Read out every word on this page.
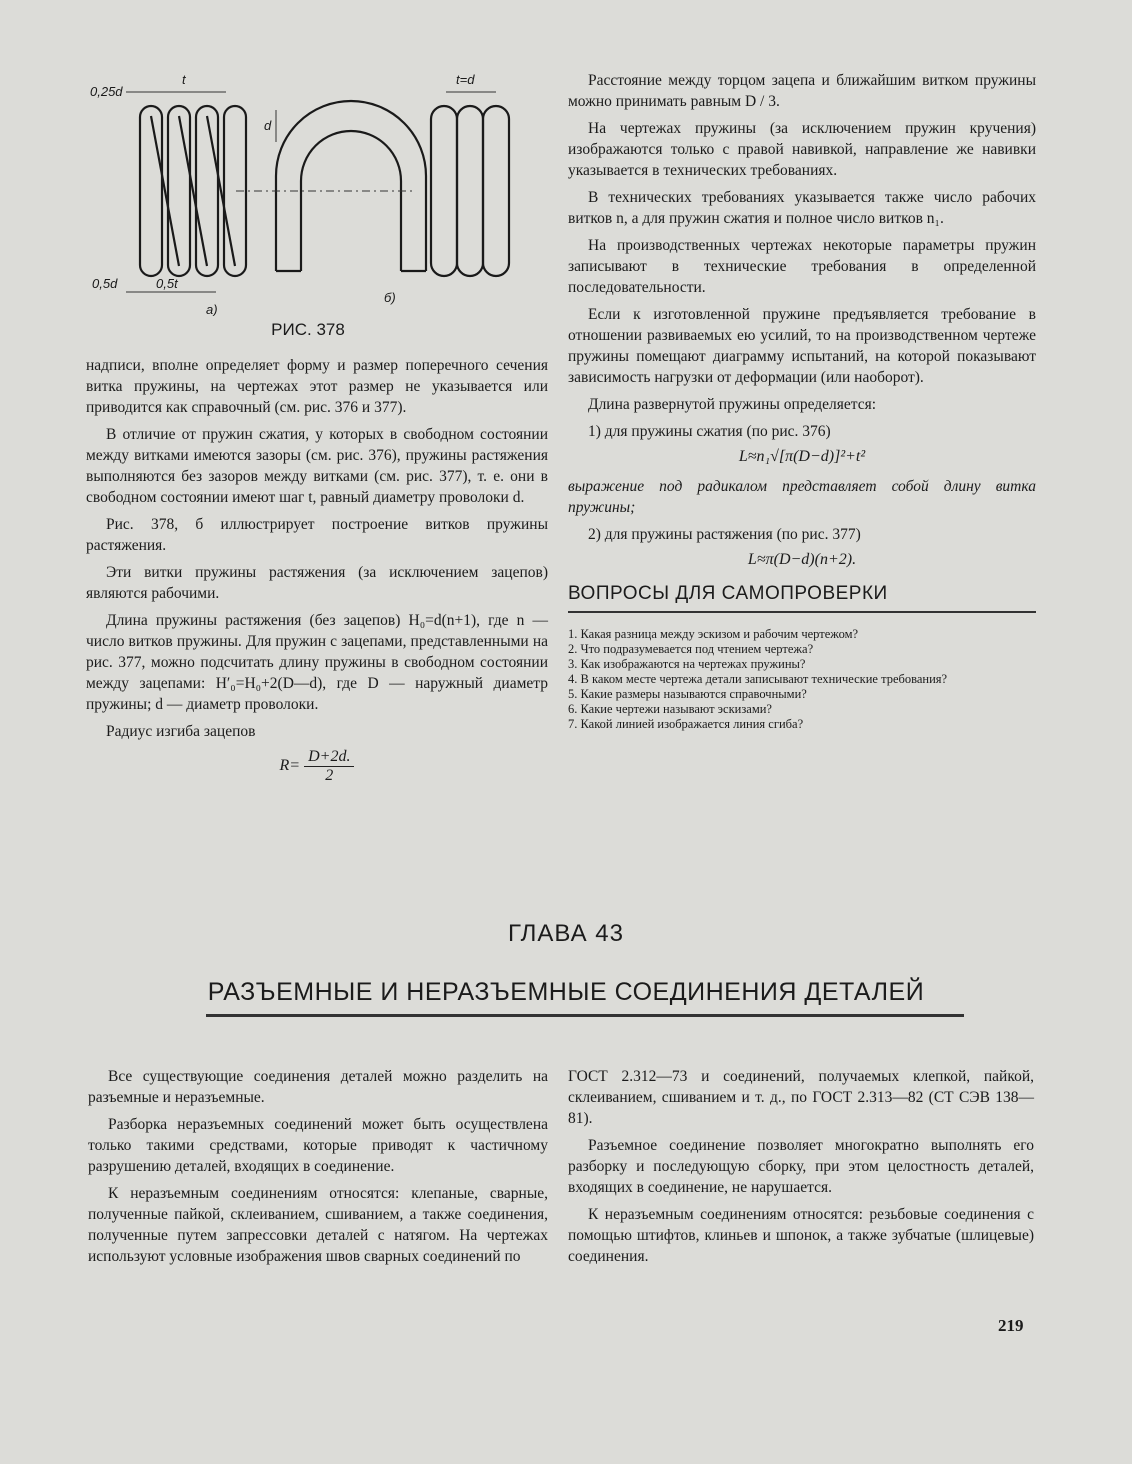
0,25d
t	t=d
d
0,5d	0,5t
а)
б)
РИС. 378

надписи, вполне определяет форму и размер поперечного сечения витка пружины, на чертежах этот размер не указывается или приводится как справочный (см. рис. 376 и 377).

В отличие от пружин сжатия, у которых в свободном состоянии между витками имеются зазоры (см. рис. 376), пружины растяжения выполняются без зазоров между витками (см. рис. 377), т. е. они в свободном состоянии имеют шаг t, равный диаметру проволоки d.

Рис. 378, б иллюстрирует построение витков пружины растяжения.

Эти витки пружины растяжения (за исключением зацепов) являются рабочими.

Длина пружины растяжения (без зацепов) H₀=d(n+1), где n — число витков пружины. Для пружин с зацепами, представленными на рис. 377, можно подсчитать длину пружины в свободном состоянии между зацепами: H′₀=H₀+2(D—d), где D — наружный диаметр пружины; d — диаметр проволоки.

Радиус изгиба зацепов

$R= \frac{D+2d.}{2}$

Расстояние между торцом зацепа и ближайшим витком пружины можно принимать равным D / 3.

На чертежах пружины (за исключением пружин кручения) изображаются только с правой навивкой, направление же навивки указывается в технических требованиях.

В технических требованиях указывается также число рабочих витков n, а для пружин сжатия и полное число витков n₁.

На производственных чертежах некоторые параметры пружин записывают в технические требования в определенной последовательности.

Если к изготовленной пружине предъявляется требование в отношении развиваемых ею усилий, то на производственном чертеже пружины помещают диаграмму испытаний, на которой показывают зависимость нагрузки от деформации (или наоборот).

Длина развернутой пружины определяется:

1) для пружины сжатия (по рис. 376)

L≈n₁√[π(D−d)]²+t²

выражение под радикалом представляет собой длину витка пружины;

2) для пружины растяжения (по рис. 377)

L≈π(D−d)(n+2).
ВОПРОСЫ ДЛЯ САМОПРОВЕРКИ
1. Какая разница между эскизом и рабочим чертежом?
2. Что подразумевается под чтением чертежа?
3. Как изображаются на чертежах пружины?
4. В каком месте чертежа детали записывают технические требования?
5. Какие размеры называются справочными?
6. Какие чертежи называют эскизами?
7. Какой линией изображается линия сгиба?
ГЛАВА 43
РАЗЪЕМНЫЕ И НЕРАЗЪЕМНЫЕ СОЕДИНЕНИЯ ДЕТАЛЕЙ

Все существующие соединения деталей можно разделить на разъемные и неразъемные.

Разборка неразъемных соединений может быть осуществлена только такими средствами, которые приводят к частичному разрушению деталей, входящих в соединение.

К неразъемным соединениям относятся: клепаные, сварные, полученные пайкой, склеиванием, сшиванием, а также соединения, полученные путем запрессовки деталей с натягом. На чертежах используют условные изображения швов сварных соединений по

ГОСТ 2.312—73 и соединений, получаемых клепкой, пайкой, склеиванием, сшиванием и т. д., по ГОСТ 2.313—82 (СТ СЭВ 138—81).

Разъемное соединение позволяет многократно выполнять его разборку и последующую сборку, при этом целостность деталей, входящих в соединение, не нарушается.

К неразъемным соединениям относятся: резьбовые соединения с помощью штифтов, клиньев и шпонок, а также зубчатые (шлицевые) соединения.

219
